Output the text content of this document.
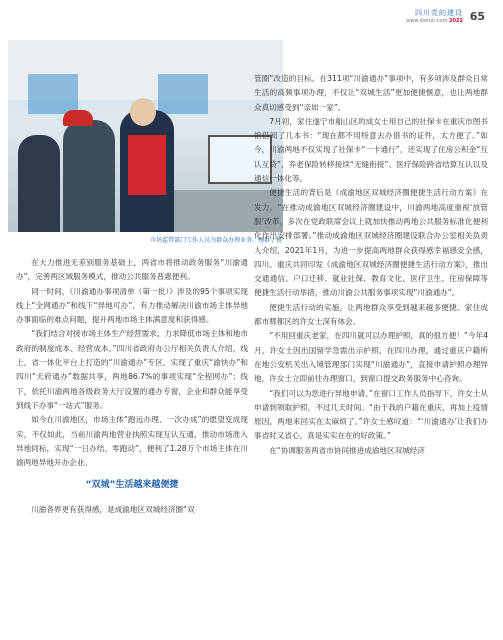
四川党的建设
www.dwrun.com 2022 65
市场监管部门工作人员为群众办理业务。杨群 / 摄

在大力推进无差别服务基础上，两省市将推动政务服务“川渝通办”，完善两区域服务模式，推动公共服务普惠便利。

同一时间，《川渝通办事项清单（第一批）》涉及的95个事项实现线上“全网通办”和线下“异地可办”，有力推动解决川渝市场主体异地办事面临的难点问题，提升两地市场主体满意度和获得感。

“我们结合对接市场主体生产经营需求，力求降低市场主体和地市政府的制度成本、经营成本。”四川省政府办公厅相关负责人介绍，线上，省一体化平台上打造的“川渝通办”专区，实现了重庆“渝快办”和四川“天府通办”数据共享，两地86.7%的事项实现“全程网办”；线下，依托川渝两地各级政务大厅设置的通办专窗，企业和群众能享受到线下办事“一站式”服务。

如今在川渝地区，市场主体“跑远办理、一次办成”的愿望变成现实，不仅如此，当前川渝两地营业执照实现互认互通，推动市场准入异地同标，实现“一日办结、零跑动”，便利了1.28万个市场主体在川渝两地异地开办企业。

“双城”生活越来越便捷

川渝各界更有获得感，是成渝地区双城经济圈“双

管圈”改造的目标。在311项“川渝通办”事项中，有多项涉及群众日常生活的高频事项办理，不仅让“双城生活”更加便捷惬意，也让两地群众真切感受到“亲如一家”。

7月初，家住遂宁市船山区的成女士用自己的社保卡在重庆市图书馆借阅了几本书：“现在都不用特意去办借书的证件，太方便了。”如今，川渝两地不仅实现了社保卡“一卡通行”，还实现了住房公积金“互认互贷”、养老保险转移接续“无缝衔接”、医疗保险跨省结算互认以及通信一体化等。

便捷生活的背后是《成渝地区双城经济圈便捷生活行动方案》在发力。“在推动成渝地区双城经济圈建设中，川渝两地高度重视‘放管服’改革，多次在党政联席会议上就加快推动两地公共服务标准化便利化作出安排部署。”推动成渝地区双城经济圈建设联合办公室相关负责人介绍，2021年1月，为进一步提高两地群众获得感幸福感安全感，四川、重庆共同印发《成渝地区双城经济圈便捷生活行动方案》，推出交通通信、户口迁移、就业社保、教育文化、医疗卫生、住房保障等便捷生活行动举措，推动川渝公共服务事项实现“川渝通办”。

便捷生活行动的实施，让两地群众享受到越来越多便捷。家住成都市郫都区的许女士深有体会。

“不用回重庆老家，在四川就可以办理护照，真的很方便！”今年4月，许女士因出国留学急需出示护照，在四川办理，通过重庆户籍所在地公安机关出入境管理部门实现“川渝通办”，直接申请护照办理异地，许女士立即前往办理窗口，到窗口提交政务服务中心咨询。

“我们可以为您进行异地申请。”在窗口工作人员指导下，许女士从申请到领取护照，不过几天时间。“由于我的户籍在重庆，再加上疫情原因，两地来回实在太麻烦了。”许女士感叹道：“‘川渝通办’让我们办事省时又省心，真是实实在在的好政策。”

在“协调服务两省市协同推进成渝地区双城经济
